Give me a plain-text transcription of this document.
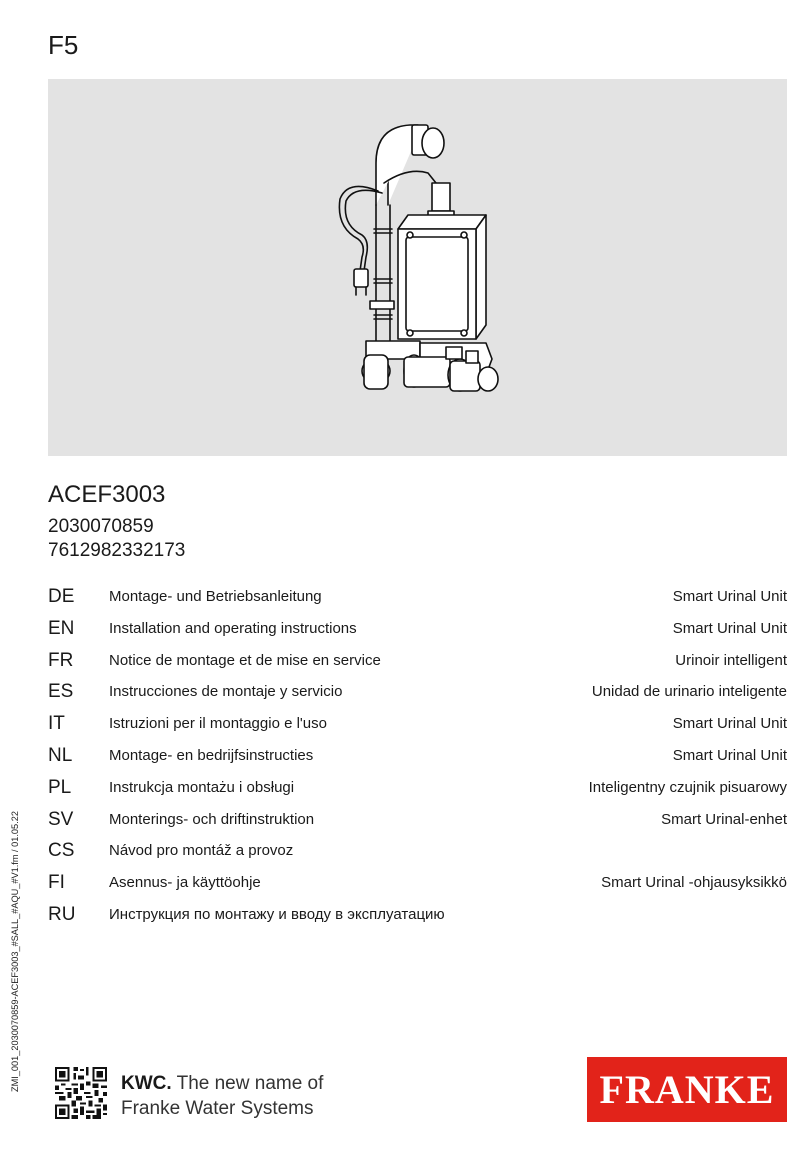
F5
ACEF3003
2030070859
7612982332173
DE Montage- und Betriebsanleitung	Smart Urinal Unit
EN Installation and operating instructions	Smart Urinal Unit
FR Notice de montage et de mise en service	Urinoir intelligent
ES Instrucciones de montaje y servicio	Unidad de urinario inteligente
IT	Istruzioni per il montaggio e l'uso	Smart Urinal Unit
NL Montage- en bedrijfsinstructies	Smart Urinal Unit
PL	Instrukcja montażu i obsługi	Inteligentny czujnik pisuarowy
SV Monterings- och driftinstruktion	Smart Urinal-enhet
CS Návod pro montáž a provoz
FI	Asennus- ja käyttöohje	Smart Urinal -ohjausyksikkö
RU Инструкция по монтажу и вводу в эксплуатацию
ZMI_001_2030070859-ACEF3003_#SALL_#AQU_#V1.fm / 01.05.22	KWC. The new name of
Franke Water Systems	FRANKE
